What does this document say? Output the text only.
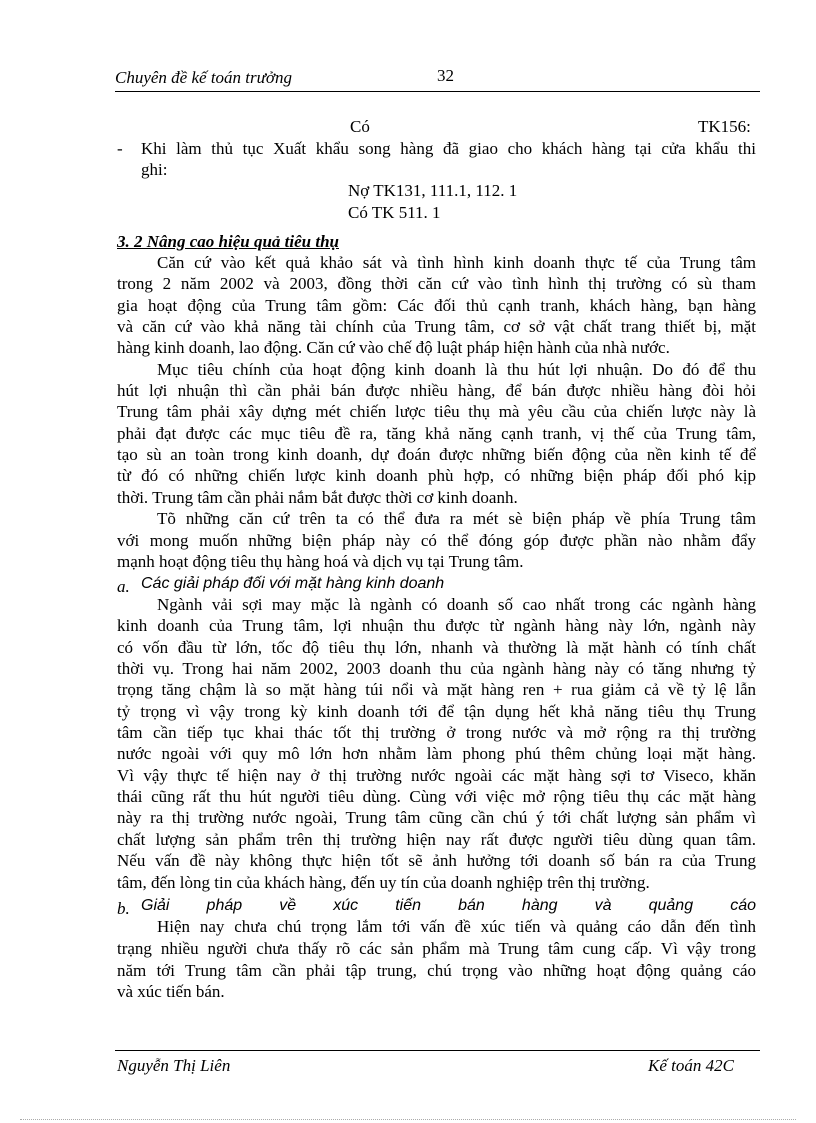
Chuyên đề kế toán trưởng	32
Có	TK156:
- Khi làm thủ tục Xuất khẩu song hàng đã giao cho khách hàng tại cửa khẩu thi
ghi:
Nợ TK131, 111.1, 112. 1
Có TK 511. 1
3. 2 Nâng cao hiệu quả tiêu thụ
Căn cứ vào kết quả khảo sát và tình hình kinh doanh thực tế của Trung tâm
trong 2 năm 2002 và 2003, đồng thời căn cứ vào tình hình thị trường có sù tham
gia hoạt động của Trung tâm gồm: Các đối thủ cạnh tranh, khách hàng, bạn hàng
và căn cứ vào khả năng tài chính của Trung tâm, cơ sở vật chất trang thiết bị, mặt
hàng kinh doanh, lao động. Căn cứ vào chế độ luật pháp hiện hành của nhà nước.
Mục tiêu chính của hoạt động kinh doanh là thu hút lợi nhuận. Do đó để thu
hút lợi nhuận thì cần phải bán được nhiều hàng, để bán được nhiều hàng đòi hỏi
Trung tâm phải xây dựng mét chiến lược tiêu thụ mà yêu cầu của chiến lược này là
phải đạt được các mục tiêu đề ra, tăng khả năng cạnh tranh, vị thế của Trung tâm,
tạo sù an toàn trong kinh doanh, dự đoán được những biến động của nền kinh tế để
từ đó có những chiến lược kinh doanh phù hợp, có những biện pháp đối phó kịp
thời. Trung tâm cần phải nắm bắt được thời cơ kinh doanh.
Tõ những căn cứ trên ta có thể đưa ra mét sè biện pháp về phía Trung tâm
với mong muốn những biện pháp này có thể đóng góp được phần nào nhằm đẩy
mạnh hoạt động tiêu thụ hàng hoá và dịch vụ tại Trung tâm.
a. Các giải pháp đối với mặt hàng kinh doanh
Ngành vải sợi may mặc là ngành có doanh số cao nhất trong các ngành hàng
kinh doanh của Trung tâm, lợi nhuận thu được từ ngành hàng này lớn, ngành này
có vốn đầu từ lớn, tốc độ tiêu thụ lớn, nhanh và thường là mặt hành có tính chất
thời vụ. Trong hai năm 2002, 2003 doanh thu của ngành hàng này có tăng nhưng tỷ
trọng tăng chậm là so mặt hàng túi nổi và mặt hàng ren + rua giảm cả về tỷ lệ lẫn
tỷ trọng vì vậy trong kỳ kinh doanh tới để tận dụng hết khả năng tiêu thụ Trung
tâm cần tiếp tục khai thác tốt thị trường ở trong nước và mở rộng ra thị trường
nước ngoài với quy mô lớn hơn nhằm làm phong phú thêm chủng loại mặt hàng.
Vì vậy thực tế hiện nay ở thị trường nước ngoài các mặt hàng sợi tơ Viseco, khăn
thái cũng rất thu hút người tiêu dùng. Cùng với việc mở rộng tiêu thụ các mặt hàng
này ra thị trường nước ngoài, Trung tâm cũng cần chú ý tới chất lượng sản phẩm vì
chất lượng sản phẩm trên thị trường hiện nay rất được người tiêu dùng quan tâm.
Nếu vấn đề này không thực hiện tốt sẽ ảnh hưởng tới doanh số bán ra của Trung
tâm, đến lòng tin của khách hàng, đến uy tín của doanh nghiệp trên thị trường.
b. Giải pháp về xúc tiến bán hàng và quảng cáo
Hiện nay chưa chú trọng lắm tới vấn đề xúc tiến và quảng cáo dẫn đến tình
trạng nhiều người chưa thấy rõ các sản phẩm mà Trung tâm cung cấp. Vì vậy trong
năm tới Trung tâm cần phải tập trung, chú trọng vào những hoạt động quảng cáo
và xúc tiến bán.
Nguyễn Thị Liên	Kế toán 42C
